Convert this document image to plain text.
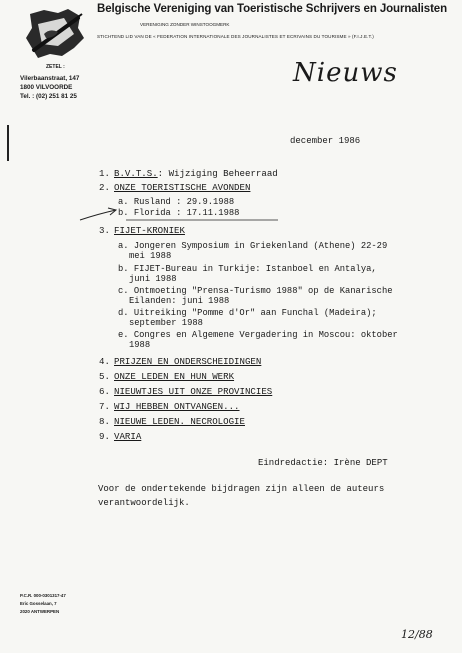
Belgische Vereniging van Toeristische Schrijvers en Journalisten
VERENIGING ZONDER WINSTOOGMERK
STICHTEND LID VAN DE « FEDERATION INTERNATIONALE DES JOURNALISTES ET ECRIVAINS DU TOURISME » (F.I.J.E.T.)
ZETEL :
Vilerbaanstraat, 147
1800 VILVOORDE
Tel. : (02) 251 81 25
Nieuws
december 1986
1. B.V.T.S.: Wijziging Beheerraad
2. ONZE TOERISTISCHE AVONDEN
a. Rusland : 29.9.1988
b. Florida : 17.11.1988
3. FIJET-KRONIEK
a. Jongeren Symposium in Griekenland (Athene) 22-29
mei 1988
b. FIJET-Bureau in Turkije: Istanboel en Antalya,
juni 1988
c. Ontmoeting "Prensa-Turismo 1988" op de Kanarische
Eilanden: juni 1988
d. Uitreiking "Pomme d'Or" aan Funchal (Madeira);
september 1988
e. Congres en Algemene Vergadering in Moscou: oktober
1988
4. PRIJZEN EN ONDERSCHEIDINGEN
5. ONZE LEDEN EN HUN WERK
6. NIEUWTJES UIT ONZE PROVINCIES
7. WIJ HEBBEN ONTVANGEN...
8. NIEUWE LEDEN. NECROLOGIE
9. VARIA
Eindredactie: Irène DEPT
Voor de ondertekende bijdragen zijn alleen de auteurs
verantwoordelijk.
P.C.R. 000-0301317-47
Eric Gosselaan, 7
2020 ANTWERPEN
12/88
